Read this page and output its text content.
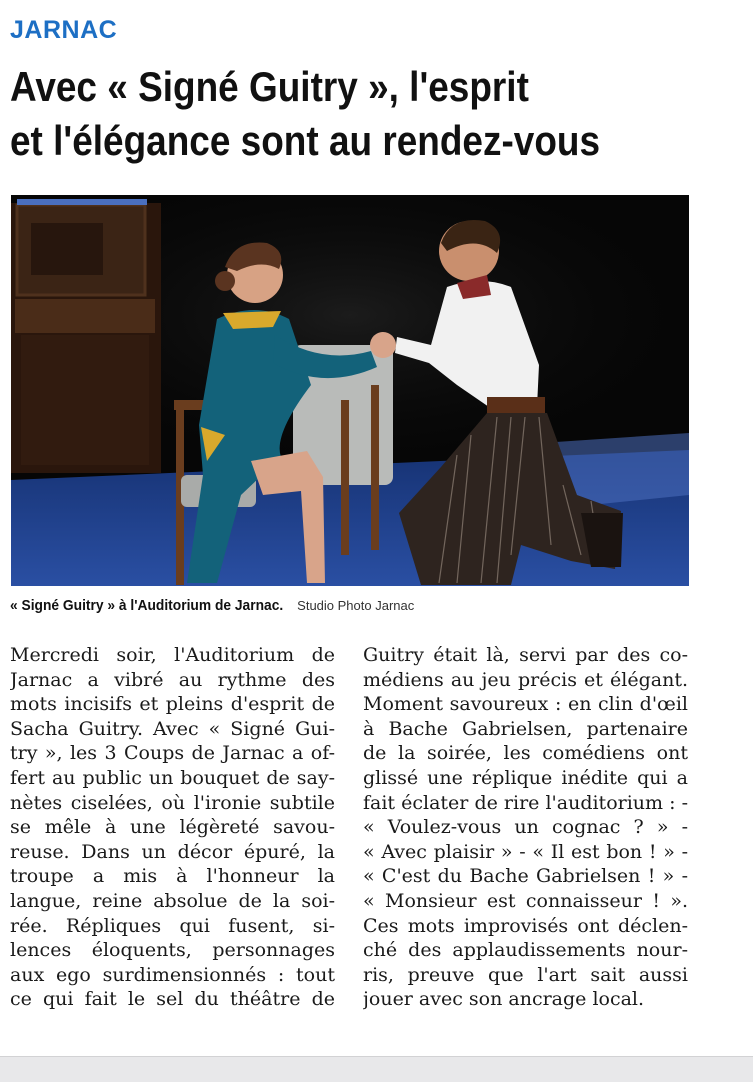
JARNAC
Avec « Signé Guitry », l'esprit
et l'élégance sont au rendez-vous
« Signé Guitry » à l'Auditorium de Jarnac. Studio Photo Jarnac
Mercredi soir, l'Auditorium de
Jarnac a vibré au rythme des
mots incisifs et pleins d'esprit de
Sacha Guitry. Avec « Signé Gui-
try », les 3 Coups de Jarnac a of-
fert au public un bouquet de say-
nètes ciselées, où l'ironie subtile
se mêle à une légèreté savou-
reuse. Dans un décor épuré, la
troupe a mis à l'honneur la
langue, reine absolue de la soi-
rée. Répliques qui fusent, si-
lences éloquents, personnages
aux ego surdimensionnés : tout
ce qui fait le sel du théâtre de
Guitry était là, servi par des co-
médiens au jeu précis et élégant.
Moment savoureux : en clin d'œil
à Bache Gabrielsen, partenaire
de la soirée, les comédiens ont
glissé une réplique inédite qui a
fait éclater de rire l'auditorium : -
« Voulez-vous un cognac ? » -
« Avec plaisir » - « Il est bon ! » -
« C'est du Bache Gabrielsen ! » -
« Monsieur est connaisseur ! ».
Ces mots improvisés ont déclen-
ché des applaudissements nour-
ris, preuve que l'art sait aussi
jouer avec son ancrage local.
